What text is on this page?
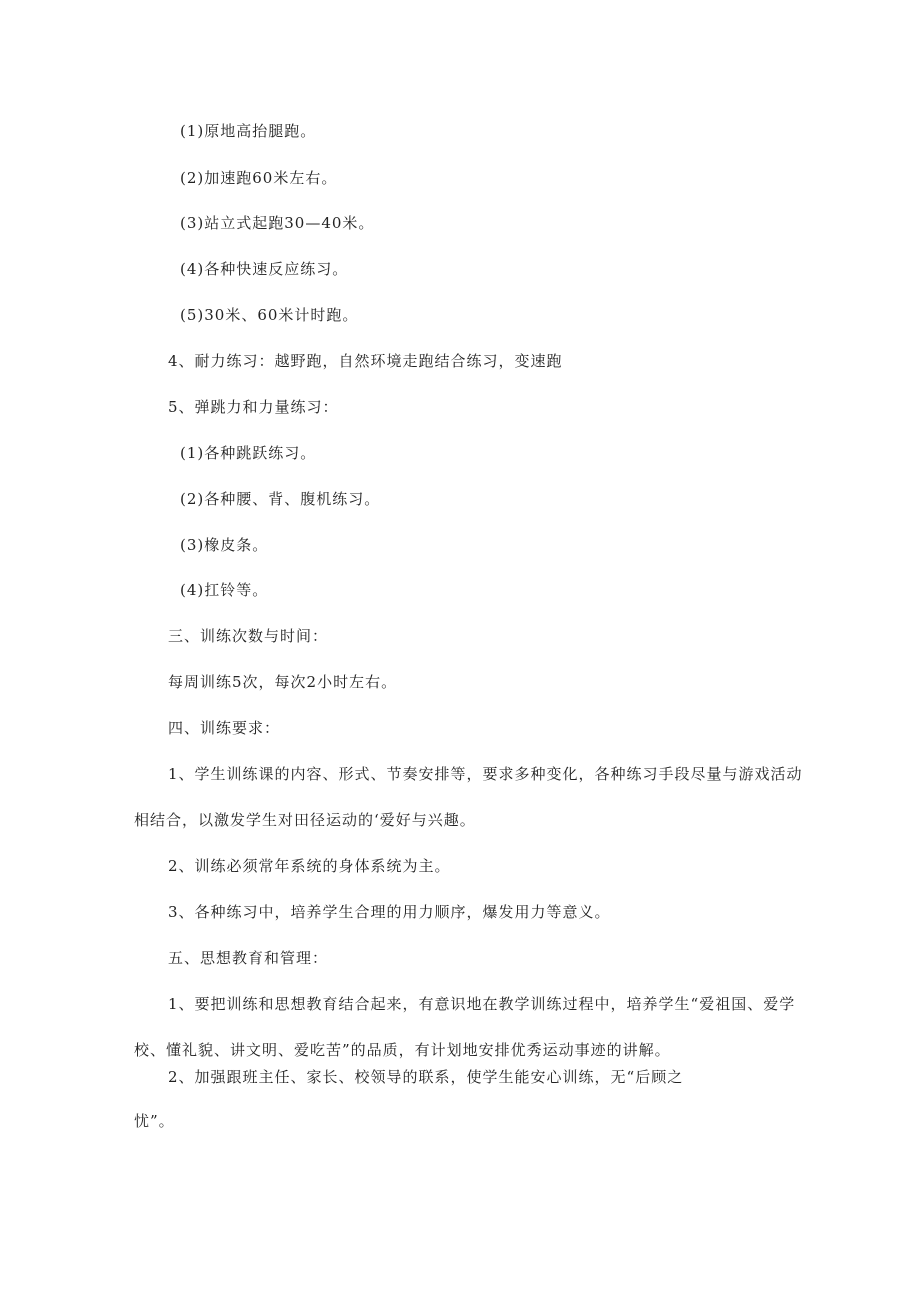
(1)原地高抬腿跑。
(2)加速跑60米左右。
(3)站立式起跑30—40米。
(4)各种快速反应练习。
(5)30米、60米计时跑。
4、耐力练习：越野跑，自然环境走跑结合练习，变速跑
5、弹跳力和力量练习：
(1)各种跳跃练习。
(2)各种腰、背、腹机练习。
(3)橡皮条。
(4)扛铃等。
三、训练次数与时间：
每周训练5次，每次2小时左右。
四、训练要求：
1、学生训练课的内容、形式、节奏安排等，要求多种变化，各种练习手段尽量与游戏活动
相结合，以激发学生对田径运动的‘爱好与兴趣。
2、训练必须常年系统的身体系统为主。
3、各种练习中，培养学生合理的用力顺序，爆发用力等意义。
五、思想教育和管理：
1、要把训练和思想教育结合起来，有意识地在教学训练过程中，培养学生“爱祖国、爱学
校、懂礼貌、讲文明、爱吃苦”的品质，有计划地安排优秀运动事迹的讲解。
2、加强跟班主任、家长、校领导的联系，使学生能安心训练，无“后顾之
忧”。
